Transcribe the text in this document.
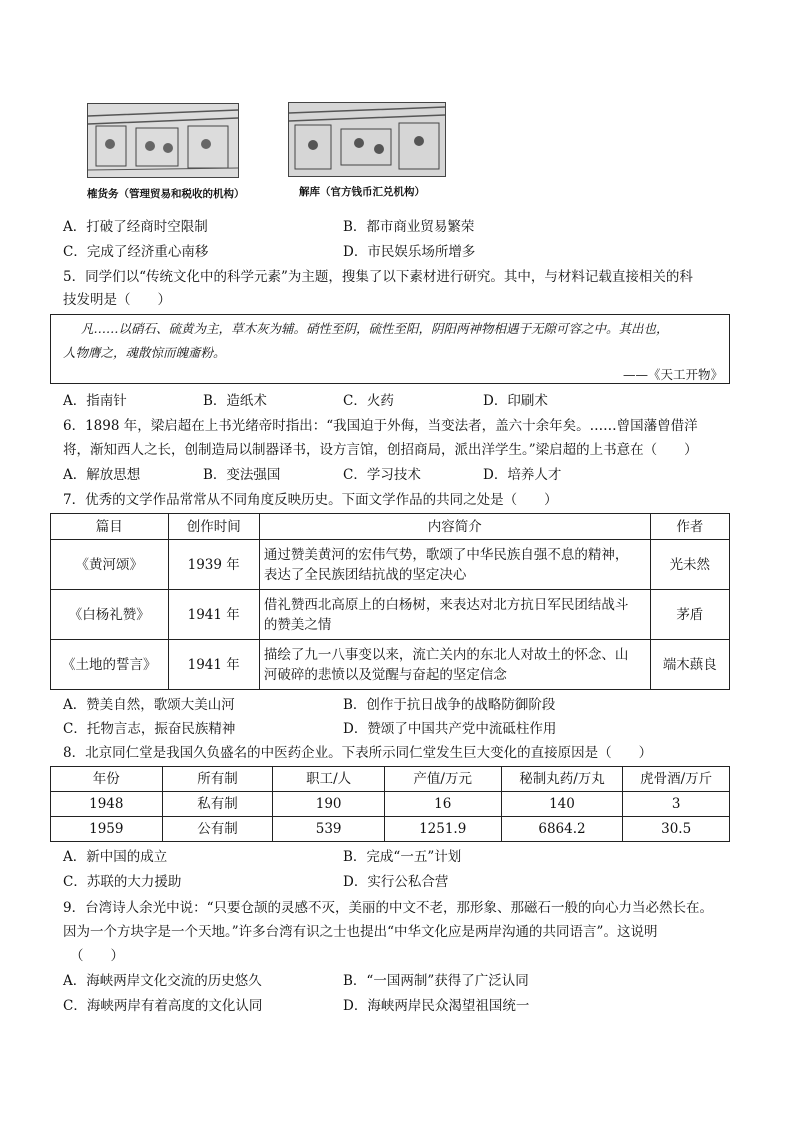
榷货务（管理贸易和税收的机构）	解库（官方钱币汇兑机构）
A．打破了经商时空限制	B．都市商业贸易繁荣
C．完成了经济重心南移	D．市民娱乐场所增多
5．同学们以“传统文化中的科学元素”为主题，搜集了以下素材进行研究。其中，与材料记载直接相关的科
技发明是（　　）
凡……以硝石、硫黄为主，草木灰为辅。硝性至阴，硫性至阳，阴阳两神物相遇于无隙可容之中。其出也，
人物膺之，魂散惊而魄齑粉。
——《天工开物》
A．指南针	B．造纸术	C．火药	D．印刷术
6．1898 年，梁启超在上书光绪帝时指出：“我国迫于外侮，当变法者，盖六十余年矣。……曾国藩曾借洋
将，渐知西人之长，创制造局以制器译书，设方言馆，创招商局，派出洋学生。”梁启超的上书意在（　　）
A．解放思想	B．变法强国	C．学习技术	D．培养人才
7．优秀的文学作品常常从不同角度反映历史。下面文学作品的共同之处是（　　）
篇目	创作时间	内容简介	作者
《黄河颂》	1939 年	通过赞美黄河的宏伟气势，歌颂了中华民族自强不息的精神，
表达了全民族团结抗战的坚定决心	光未然
《白杨礼赞》	1941 年	借礼赞西北高原上的白杨树，来表达对北方抗日军民团结战斗
的赞美之情	茅盾
《土地的誓言》	1941 年	描绘了九一八事变以来，流亡关内的东北人对故土的怀念、山
河破碎的悲愤以及觉醒与奋起的坚定信念	端木蕻良
A．赞美自然，歌颂大美山河	B．创作于抗日战争的战略防御阶段
C．托物言志，振奋民族精神	D．赞颂了中国共产党中流砥柱作用
8．北京同仁堂是我国久负盛名的中医药企业。下表所示同仁堂发生巨大变化的直接原因是（　　）
年份	所有制	职工/人	产值/万元	秘制丸药/万丸	虎骨酒/万斤
1948	私有制	190	16	140	3
1959	公有制	539	1251.9	6864.2	30.5
A．新中国的成立	B．完成“一五”计划
C．苏联的大力援助	D．实行公私合营
9．台湾诗人余光中说：“只要仓颉的灵感不灭，美丽的中文不老，那形象、那磁石一般的向心力当必然长在。
因为一个方块字是一个天地。”许多台湾有识之士也提出“中华文化应是两岸沟通的共同语言”。这说明
（　　）
A．海峡两岸文化交流的历史悠久	B．“一国两制”获得了广泛认同
C．海峡两岸有着高度的文化认同	D．海峡两岸民众渴望祖国统一
